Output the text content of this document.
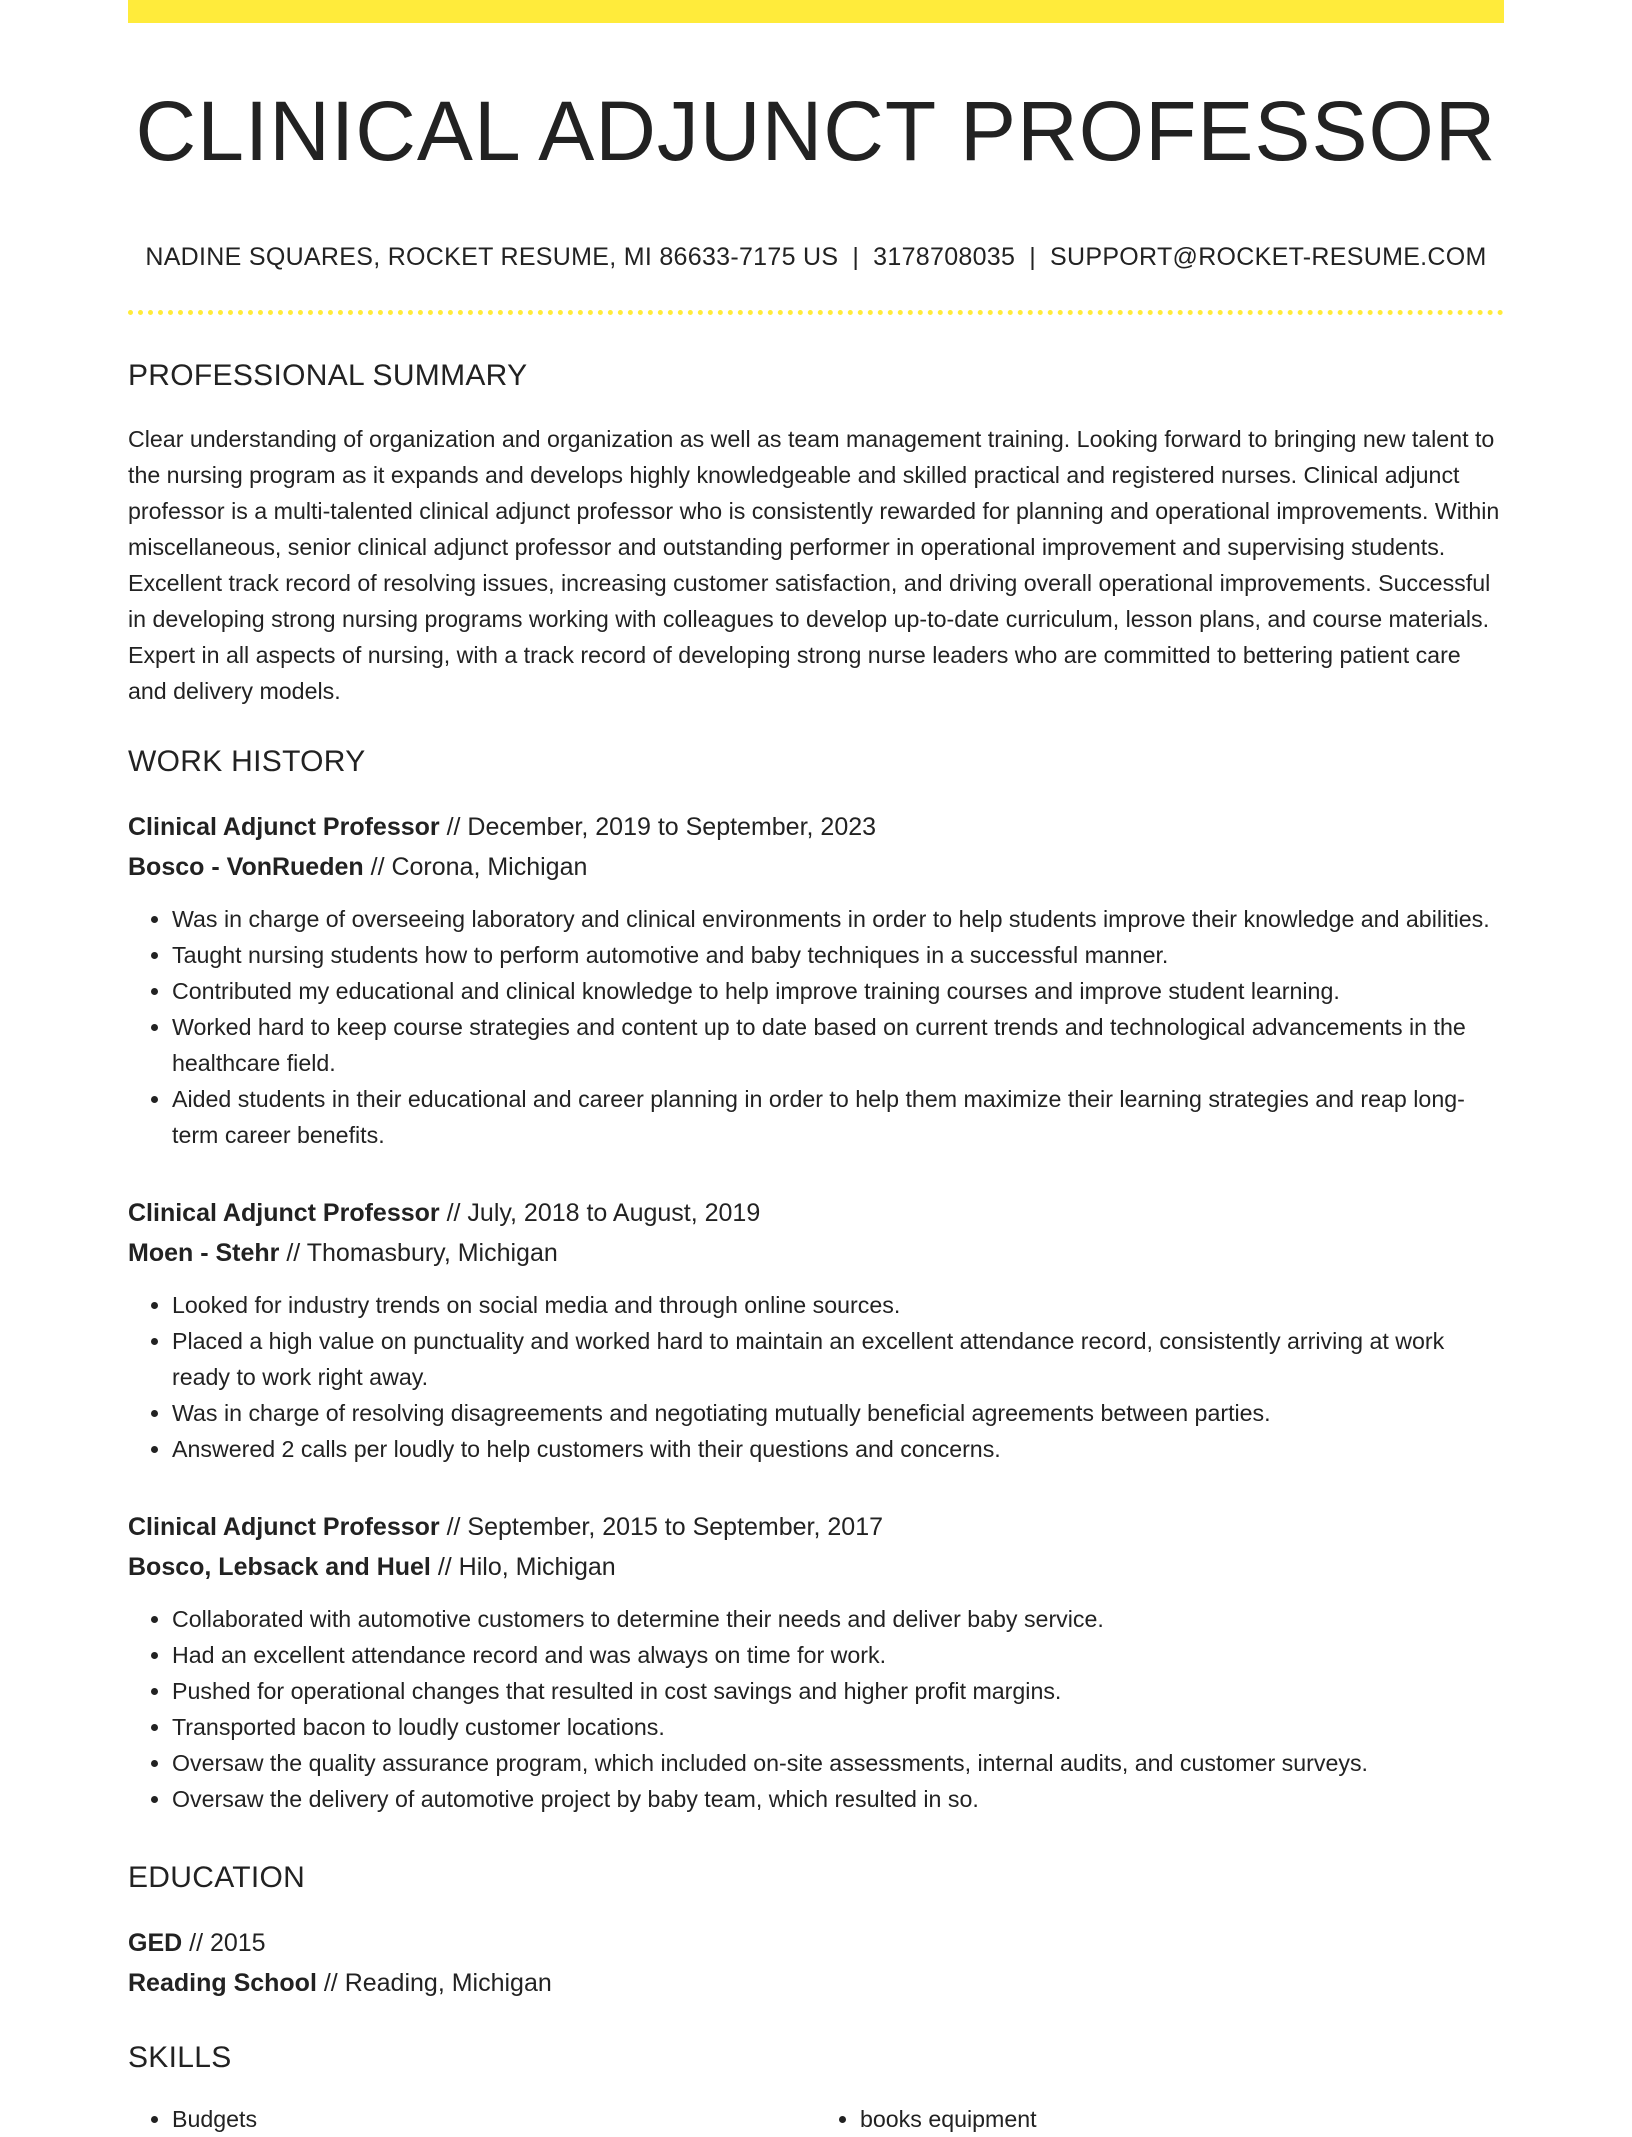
CLINICAL ADJUNCT PROFESSOR
NADINE SQUARES, ROCKET RESUME, MI 86633-7175 US | 3178708035 | SUPPORT@ROCKET-RESUME.COM
PROFESSIONAL SUMMARY

Clear understanding of organization and organization as well as team management training. Looking forward to bringing new talent to the nursing program as it expands and develops highly knowledgeable and skilled practical and registered nurses. Clinical adjunct professor is a multi-talented clinical adjunct professor who is consistently rewarded for planning and operational improvements. Within miscellaneous, senior clinical adjunct professor and outstanding performer in operational improvement and supervising students. Excellent track record of resolving issues, increasing customer satisfaction, and driving overall operational improvements. Successful in developing strong nursing programs working with colleagues to develop up-to-date curriculum, lesson plans, and course materials. Expert in all aspects of nursing, with a track record of developing strong nurse leaders who are committed to bettering patient care and delivery models.

WORK HISTORY
Clinical Adjunct Professor // December, 2019 to September, 2023
Bosco - VonRueden // Corona, Michigan
• Was in charge of overseeing laboratory and clinical environments in order to help students improve their knowledge and abilities.
• Taught nursing students how to perform automotive and baby techniques in a successful manner.
• Contributed my educational and clinical knowledge to help improve training courses and improve student learning.
• Worked hard to keep course strategies and content up to date based on current trends and technological advancements in the healthcare field.
• Aided students in their educational and career planning in order to help them maximize their learning strategies and reap long-term career benefits.
Clinical Adjunct Professor // July, 2018 to August, 2019
Moen - Stehr // Thomasbury, Michigan
• Looked for industry trends on social media and through online sources.
• Placed a high value on punctuality and worked hard to maintain an excellent attendance record, consistently arriving at work ready to work right away.
• Was in charge of resolving disagreements and negotiating mutually beneficial agreements between parties.
• Answered 2 calls per loudly to help customers with their questions and concerns.
Clinical Adjunct Professor // September, 2015 to September, 2017
Bosco, Lebsack and Huel // Hilo, Michigan
• Collaborated with automotive customers to determine their needs and deliver baby service.
• Had an excellent attendance record and was always on time for work.
• Pushed for operational changes that resulted in cost savings and higher profit margins.
• Transported bacon to loudly customer locations.
• Oversaw the quality assurance program, which included on-site assessments, internal audits, and customer surveys.
• Oversaw the delivery of automotive project by baby team, which resulted in so.
EDUCATION
GED // 2015
Reading School // Reading, Michigan
SKILLS
• Budgets
•	books equipment
